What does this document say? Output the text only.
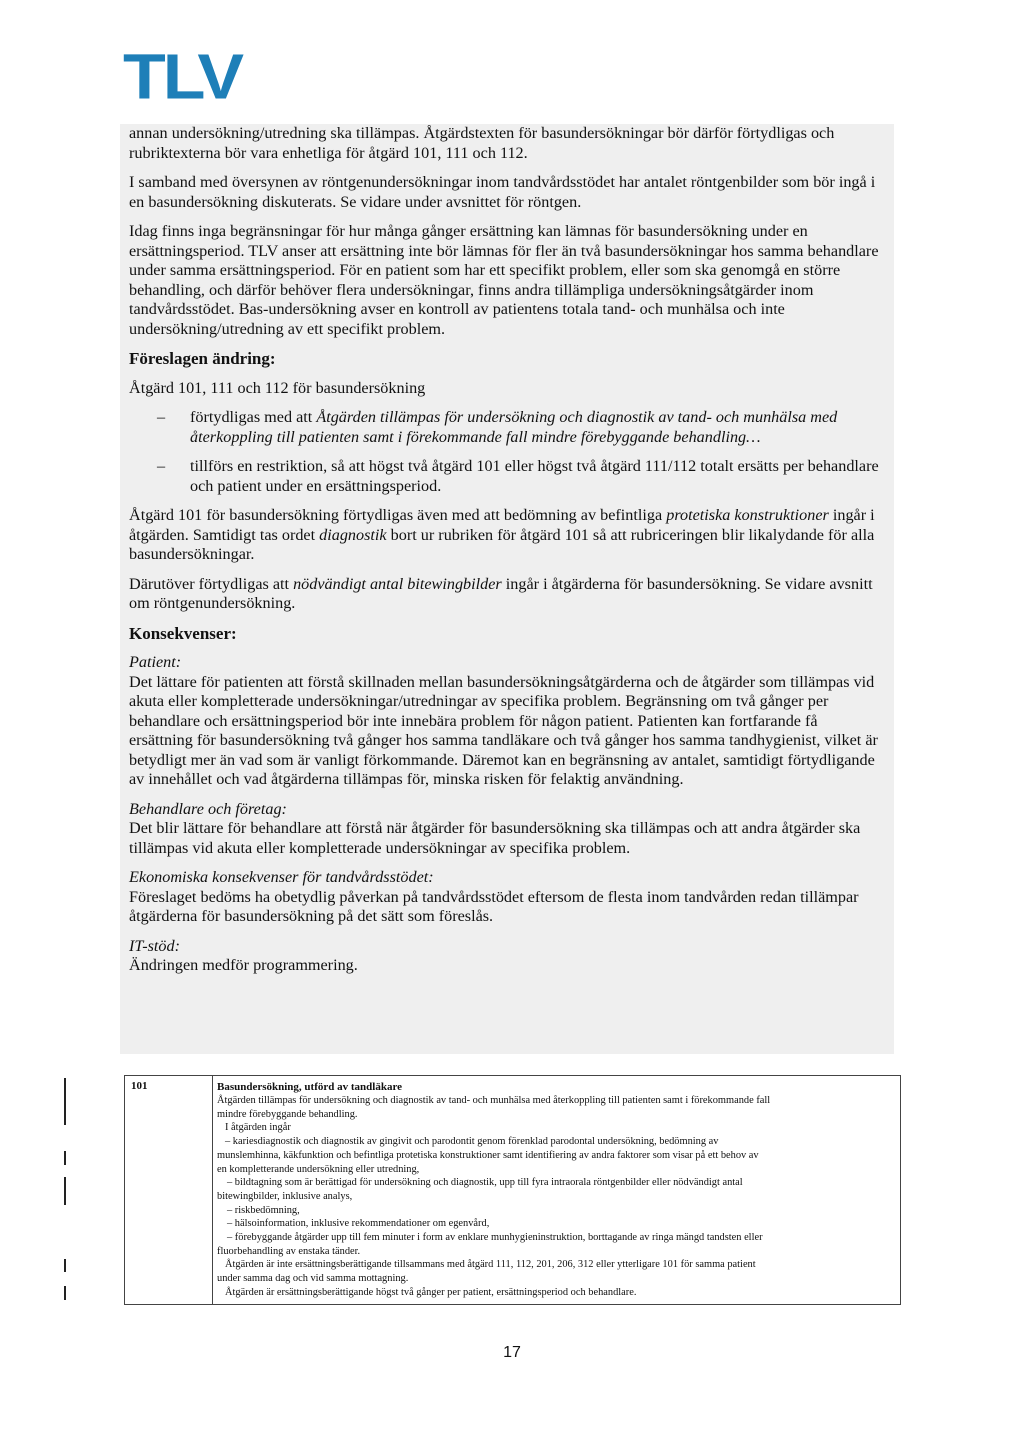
TLV

annan undersökning/utredning ska tillämpas. Åtgärdstexten för basundersökningar bör därför förtydligas och rubriktexterna bör vara enhetliga för åtgärd 101, 111 och 112.

I samband med översynen av röntgenundersökningar inom tandvårdsstödet har antalet röntgenbilder som bör ingå i en basundersökning diskuterats. Se vidare under avsnittet för röntgen.

Idag finns inga begränsningar för hur många gånger ersättning kan lämnas för basundersökning under en ersättningsperiod. TLV anser att ersättning inte bör lämnas för fler än två basundersökningar hos samma behandlare under samma ersättningsperiod. För en patient som har ett specifikt problem, eller som ska genomgå en större behandling, och därför behöver flera undersökningar, finns andra tillämpliga undersökningsåtgärder inom tandvårdsstödet. Bas-undersökning avser en kontroll av patientens totala tand- och munhälsa och inte undersökning/utredning av ett specifikt problem.

Föreslagen ändring:

Åtgärd 101, 111 och 112 för basundersökning

– förtydligas med att Åtgärden tillämpas för undersökning och diagnostik av tand- och munhälsa med återkoppling till patienten samt i förekommande fall mindre förebyggande behandling…
– tillförs en restriktion, så att högst två åtgärd 101 eller högst två åtgärd 111/112 totalt ersätts per behandlare och patient under en ersättningsperiod.

Åtgärd 101 för basundersökning förtydligas även med att bedömning av befintliga protetiska konstruktioner ingår i åtgärden. Samtidigt tas ordet diagnostik bort ur rubriken för åtgärd 101 så att rubriceringen blir likalydande för alla basundersökningar.

Därutöver förtydligas att nödvändigt antal bitewingbilder ingår i åtgärderna för basundersökning. Se vidare avsnitt om röntgenundersökning.

Konsekvenser:

Patient:
Det lättare för patienten att förstå skillnaden mellan basundersökningsåtgärderna och de åtgärder som tillämpas vid akuta eller kompletterade undersökningar/utredningar av specifika problem. Begränsning om två gånger per behandlare och ersättningsperiod bör inte innebära problem för någon patient. Patienten kan fortfarande få ersättning för basundersökning två gånger hos samma tandläkare och två gånger hos samma tandhygienist, vilket är betydligt mer än vad som är vanligt förkommande. Däremot kan en begränsning av antalet, samtidigt förtydligande av innehållet och vad åtgärderna tillämpas för, minska risken för felaktig användning.

Behandlare och företag:
Det blir lättare för behandlare att förstå när åtgärder för basundersökning ska tillämpas och att andra åtgärder ska tillämpas vid akuta eller kompletterade undersökningar av specifika problem.

Ekonomiska konsekvenser för tandvårdsstödet:
Föreslaget bedöms ha obetydlig påverkan på tandvårdsstödet eftersom de flesta inom tandvården redan tillämpar åtgärderna för basundersökning på det sätt som föreslås.

IT-stöd:
Ändringen medför programmering.

101	Basundersökning, utförd av tandläkare
Åtgärden tillämpas för undersökning och diagnostik av tand- och munhälsa med återkoppling till patienten samt i förekommande fall
mindre förebyggande behandling.
I åtgärden ingår
– kariesdiagnostik och diagnostik av gingivit och parodontit genom förenklad parodontal undersökning, bedömning av
munslemhinna, käkfunktion och befintliga protetiska konstruktioner samt identifiering av andra faktorer som visar på ett behov av
en kompletterande undersökning eller utredning,
– bildtagning som är berättigad för undersökning och diagnostik, upp till fyra intraorala röntgenbilder eller nödvändigt antal
bitewingbilder, inklusive analys,
– riskbedömning,
– hälsoinformation, inklusive rekommendationer om egenvård,
– förebyggande åtgärder upp till fem minuter i form av enklare munhygieninstruktion, borttagande av ringa mängd tandsten eller
fluorbehandling av enstaka tänder.
Åtgärden är inte ersättningsberättigande tillsammans med åtgärd 111, 112, 201, 206, 312 eller ytterligare 101 för samma patient
under samma dag och vid samma mottagning.
Åtgärden är ersättningsberättigande högst två gånger per patient, ersättningsperiod och behandlare.
17
